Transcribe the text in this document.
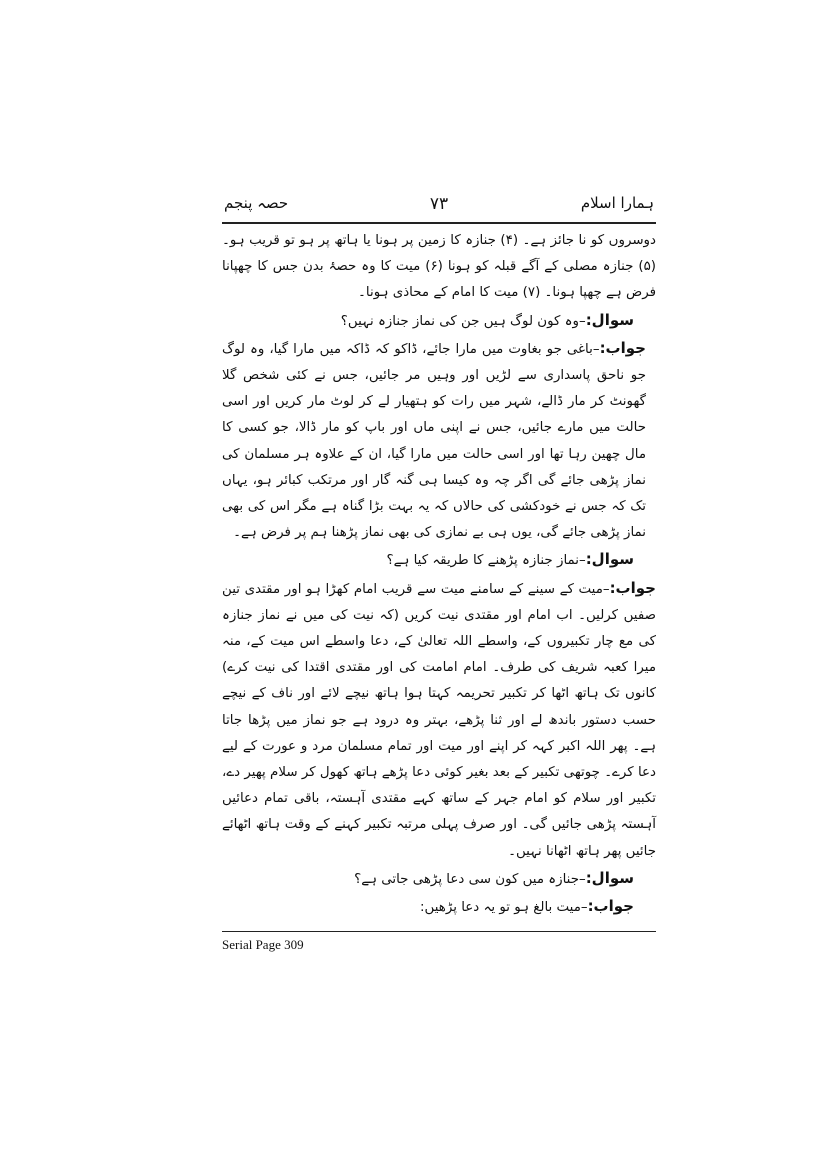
ہمارا اسلام
۷۳
حصہ پنجم

دوسروں کو نا جائز ہے۔ (۴) جنازہ کا زمین پر ہونا یا ہاتھ پر ہو تو قریب ہو۔ (۵) جنازہ مصلی کے آگے قبلہ کو ہونا (۶) میت کا وہ حصۂ بدن جس کا چھپانا فرض ہے چھپا ہونا۔ (۷) میت کا امام کے محاذی ہونا۔

سوال:–وہ کون لوگ ہیں جن کی نماز جنازہ نہیں؟

جواب:–باغی جو بغاوت میں مارا جائے، ڈاکو کہ ڈاکہ میں مارا گیا، وہ لوگ جو ناحق پاسداری سے لڑیں اور وہیں مر جائیں، جس نے کئی شخص گلا گھونٹ کر مار ڈالے، شہر میں رات کو ہتھیار لے کر لوٹ مار کریں اور اسی حالت میں مارے جائیں، جس نے اپنی ماں اور باپ کو مار ڈالا، جو کسی کا مال چھین رہا تھا اور اسی حالت میں مارا گیا، ان کے علاوہ ہر مسلمان کی نماز پڑھی جائے گی اگر چہ وہ کیسا ہی گنہ گار اور مرتکب کبائر ہو، یہاں تک کہ جس نے خودکشی کی حالاں کہ یہ بہت بڑا گناہ ہے مگر اس کی بھی نماز پڑھی جائے گی، یوں ہی بے نمازی کی بھی نماز پڑھنا ہم پر فرض ہے۔

سوال:–نماز جنازہ پڑھنے کا طریقہ کیا ہے؟

جواب:–میت کے سینے کے سامنے میت سے قریب امام کھڑا ہو اور مقتدی تین صفیں کرلیں۔ اب امام اور مقتدی نیت کریں (کہ نیت کی میں نے نماز جنازہ کی مع چار تکبیروں کے، واسطے اللہ تعالیٰ کے، دعا واسطے اس میت کے، منہ میرا کعبہ شریف کی طرف۔ امام امامت کی اور مقتدی اقتدا کی نیت کرے) کانوں تک ہاتھ اٹھا کر تکبیر تحریمہ کہتا ہوا ہاتھ نیچے لائے اور ناف کے نیچے حسب دستور باندھ لے اور ثنا پڑھے، بہتر وہ درود ہے جو نماز میں پڑھا جاتا ہے۔ پھر اللہ اکبر کہہ کر اپنے اور میت اور تمام مسلمان مرد و عورت کے لیے دعا کرے۔ چوتھی تکبیر کے بعد بغیر کوئی دعا پڑھے ہاتھ کھول کر سلام پھیر دے، تکبیر اور سلام کو امام جہر کے ساتھ کہے مقتدی آہستہ، باقی تمام دعائیں آہستہ پڑھی جائیں گی۔ اور صرف پہلی مرتبہ تکبیر کہنے کے وقت ہاتھ اٹھائے جائیں پھر ہاتھ اٹھانا نہیں۔

سوال:–جنازہ میں کون سی دعا پڑھی جاتی ہے؟

جواب:–میت بالغ ہو تو یہ دعا پڑھیں:

Serial Page 309
